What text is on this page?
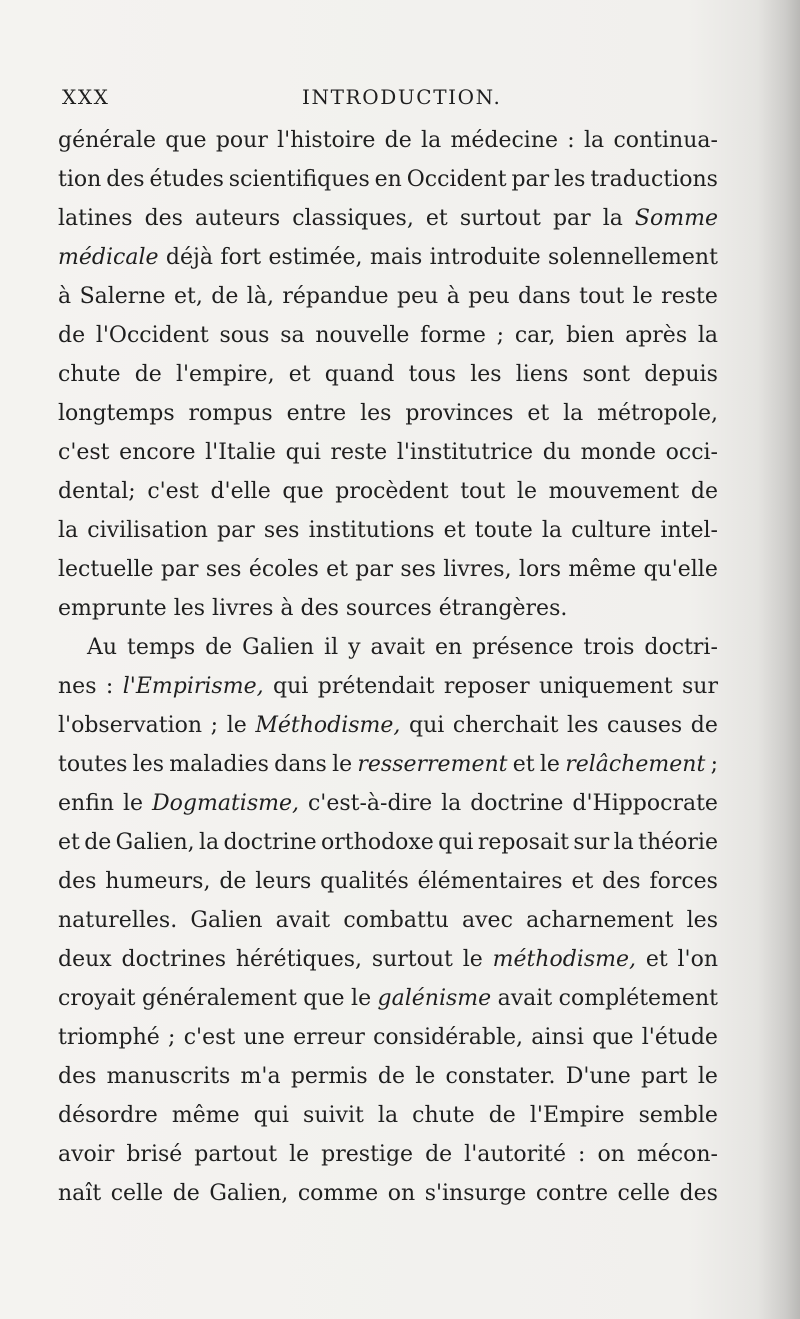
XXX	INTRODUCTION.
générale que pour l'histoire de la médecine : la continua-
tion des études scientifiques en Occident par les traductions
latines des auteurs classiques, et surtout par la Somme
médicale déjà fort estimée, mais introduite solennellement
à Salerne et, de là, répandue peu à peu dans tout le reste
de l'Occident sous sa nouvelle forme ; car, bien après la
chute de l'empire, et quand tous les liens sont depuis
longtemps rompus entre les provinces et la métropole,
c'est encore l'Italie qui reste l'institutrice du monde occi-
dental; c'est d'elle que procèdent tout le mouvement de
la civilisation par ses institutions et toute la culture intel-
lectuelle par ses écoles et par ses livres, lors même qu'elle
emprunte les livres à des sources étrangères.
Au temps de Galien il y avait en présence trois doctri-
nes : l'Empirisme, qui prétendait reposer uniquement sur
l'observation ; le Méthodisme, qui cherchait les causes de
toutes les maladies dans le resserrement et le relâchement ;
enfin le Dogmatisme, c'est-à-dire la doctrine d'Hippocrate
et de Galien, la doctrine orthodoxe qui reposait sur la théorie
des humeurs, de leurs qualités élémentaires et des forces
naturelles. Galien avait combattu avec acharnement les
deux doctrines hérétiques, surtout le méthodisme, et l'on
croyait généralement que le galénisme avait complétement
triomphé ; c'est une erreur considérable, ainsi que l'étude
des manuscrits m'a permis de le constater. D'une part le
désordre même qui suivit la chute de l'Empire semble
avoir brisé partout le prestige de l'autorité : on mécon-
naît celle de Galien, comme on s'insurge contre celle des
